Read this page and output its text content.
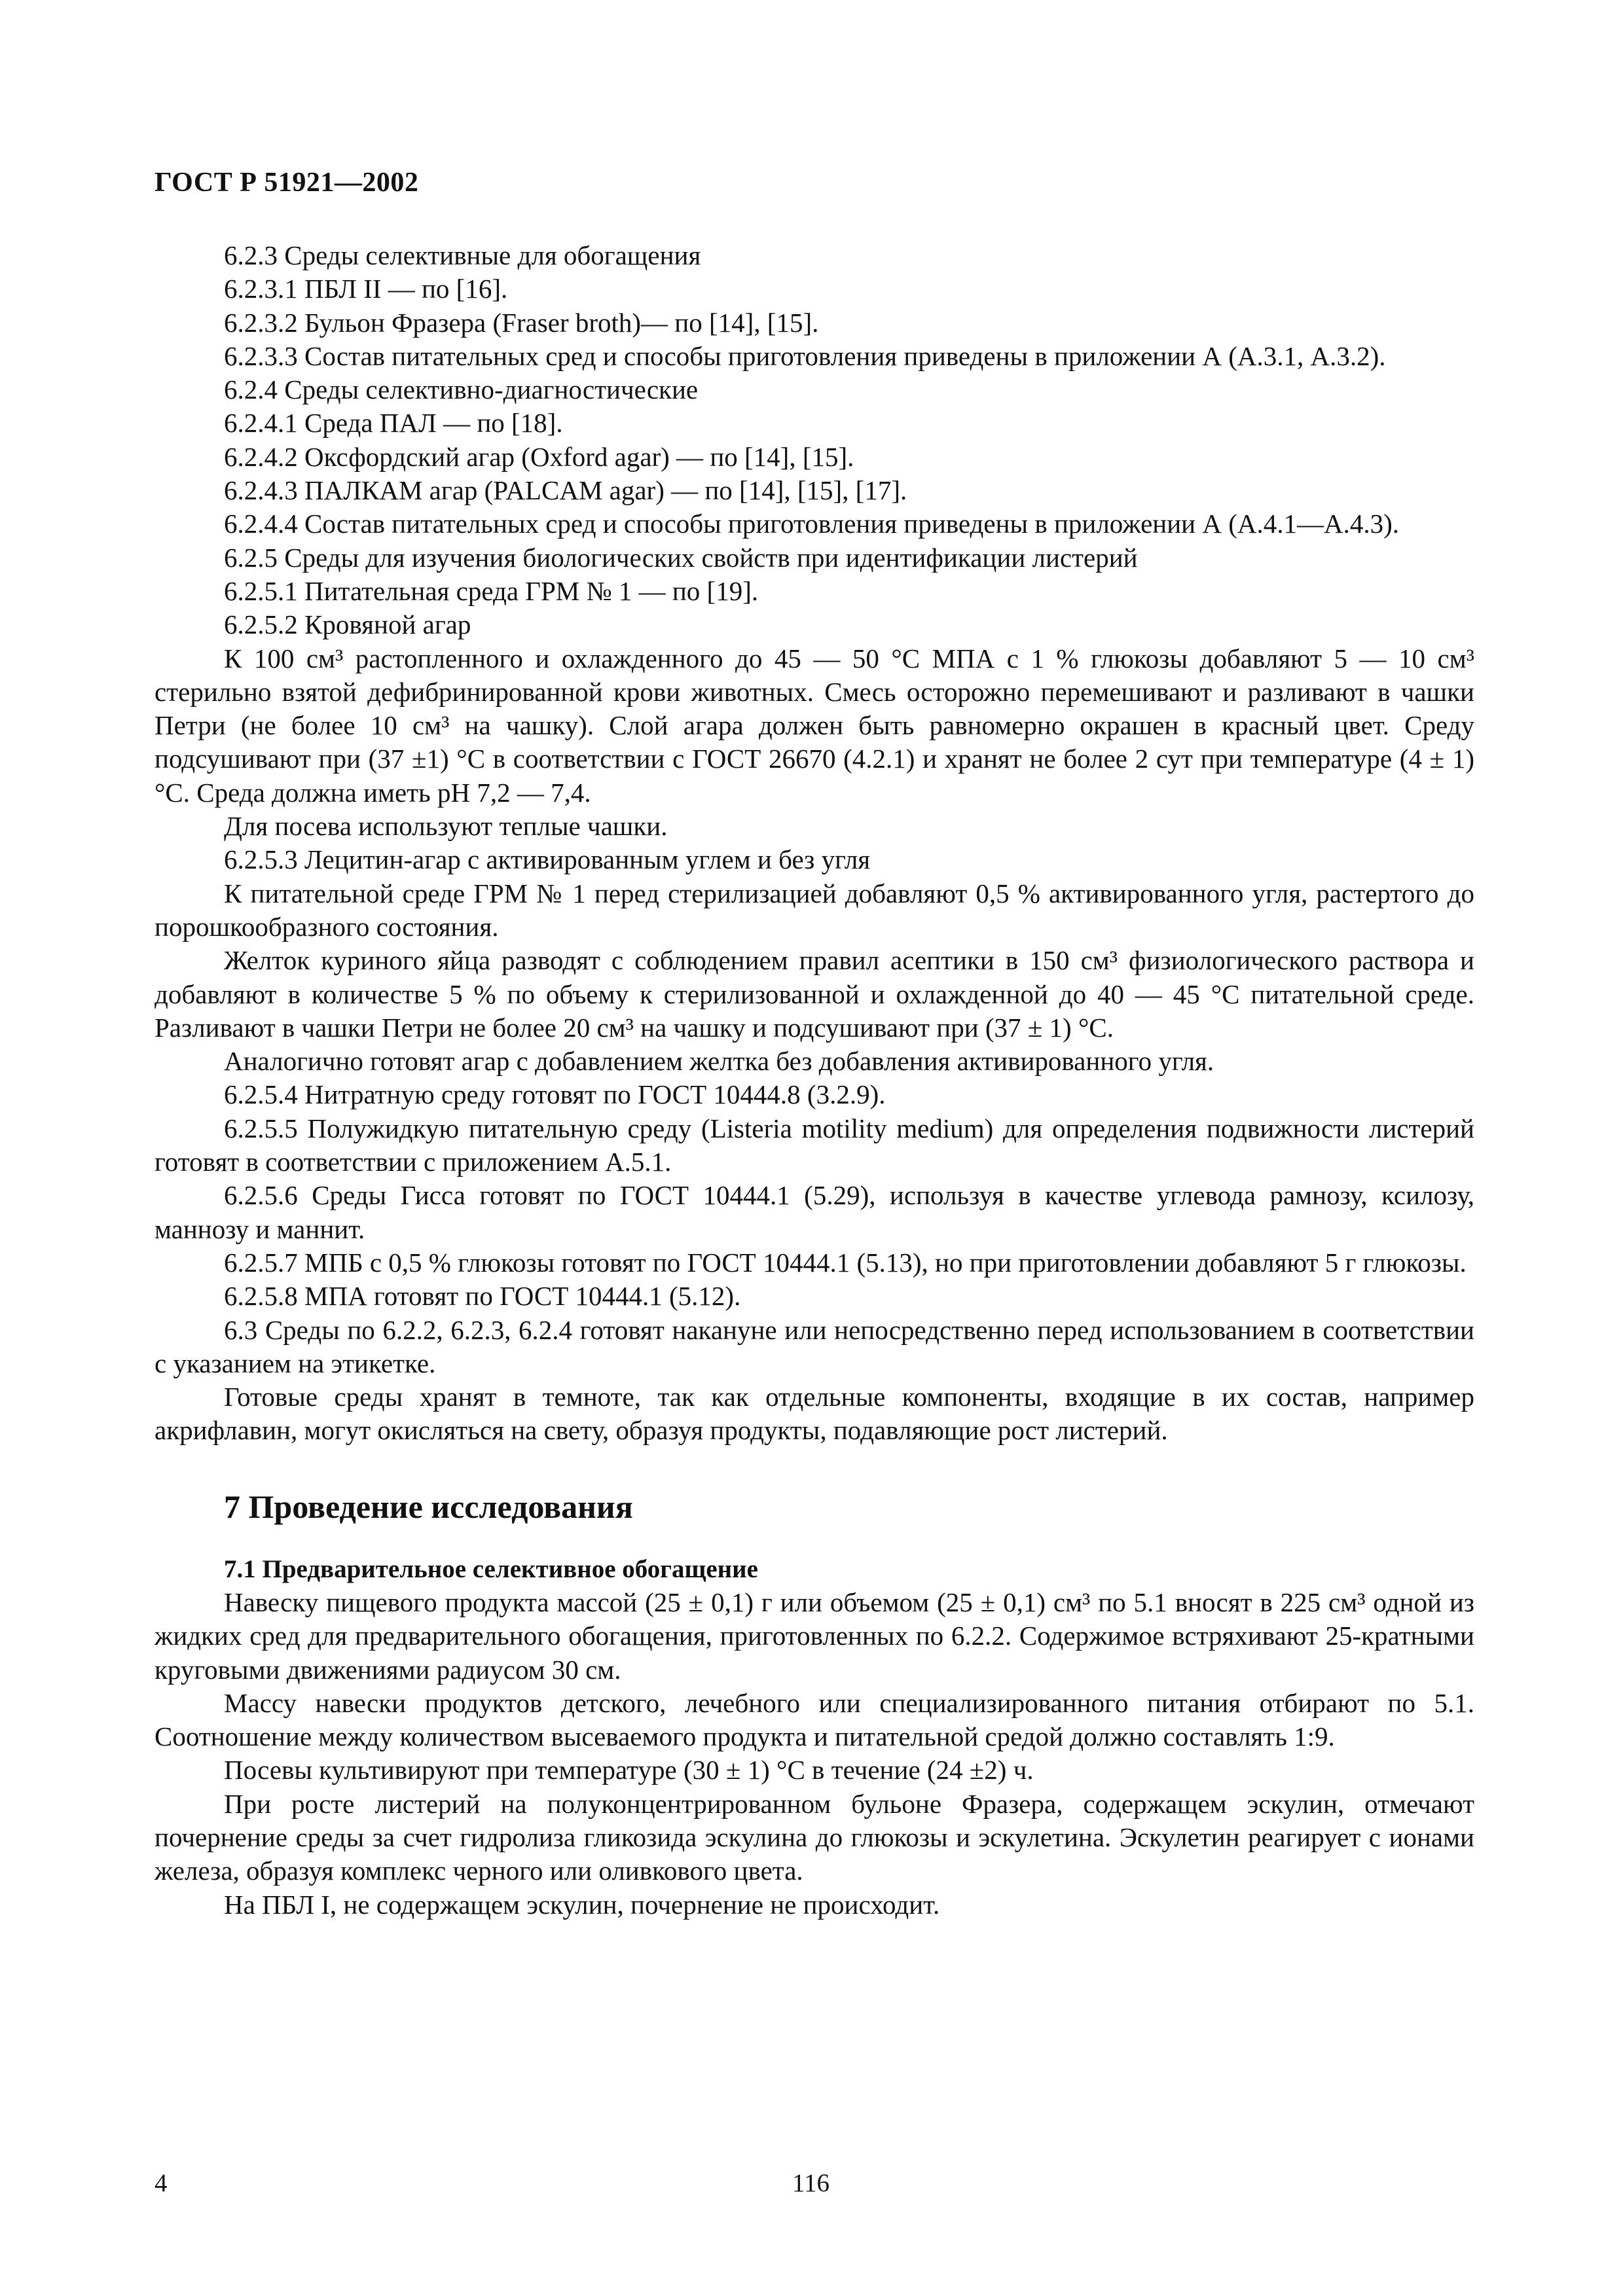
ГОСТ Р 51921—2002

6.2.3 Среды селективные для обогащения

6.2.3.1 ПБЛ II — по [16].

6.2.3.2 Бульон Фразера (Fraser broth)— по [14], [15].

6.2.3.3 Состав питательных сред и способы приготовления приведены в приложении А (А.3.1, А.3.2).

6.2.4 Среды селективно-диагностические

6.2.4.1 Среда ПАЛ — по [18].

6.2.4.2 Оксфордский агар (Oxford agar) — по [14], [15].

6.2.4.3 ПАЛКАМ агар (PALCAM agar) — по [14], [15], [17].

6.2.4.4 Состав питательных сред и способы приготовления приведены в приложении А (А.4.1—А.4.3).

6.2.5 Среды для изучения биологических свойств при идентификации листерий

6.2.5.1 Питательная среда ГРМ № 1 — по [19].

6.2.5.2 Кровяной агар

К 100 см³ растопленного и охлажденного до 45 — 50 °С МПА с 1 % глюкозы добавляют 5 — 10 см³ стерильно взятой дефибринированной крови животных. Смесь осторожно перемешивают и разливают в чашки Петри (не более 10 см³ на чашку). Слой агара должен быть равномерно окрашен в красный цвет. Среду подсушивают при (37 ±1) °С в соответствии с ГОСТ 26670 (4.2.1) и хранят не более 2 сут при температуре (4 ± 1) °С. Среда должна иметь рН 7,2 — 7,4.

Для посева используют теплые чашки.

6.2.5.3 Лецитин-агар с активированным углем и без угля

К питательной среде ГРМ № 1 перед стерилизацией добавляют 0,5 % активированного угля, растертого до порошкообразного состояния.

Желток куриного яйца разводят с соблюдением правил асептики в 150 см³ физиологического раствора и добавляют в количестве 5 % по объему к стерилизованной и охлажденной до 40 — 45 °С питательной среде. Разливают в чашки Петри не более 20 см³ на чашку и подсушивают при (37 ± 1) °С.

Аналогично готовят агар с добавлением желтка без добавления активированного угля.

6.2.5.4 Нитратную среду готовят по ГОСТ 10444.8 (3.2.9).

6.2.5.5 Полужидкую питательную среду (Listeria motility medium) для определения подвижности листерий готовят в соответствии с приложением А.5.1.

6.2.5.6 Среды Гисса готовят по ГОСТ 10444.1 (5.29), используя в качестве углевода рамнозу, ксилозу, маннозу и маннит.

6.2.5.7 МПБ с 0,5 % глюкозы готовят по ГОСТ 10444.1 (5.13), но при приготовлении добавляют 5 г глюкозы.

6.2.5.8 МПА готовят по ГОСТ 10444.1 (5.12).

6.3 Среды по 6.2.2, 6.2.3, 6.2.4 готовят накануне или непосредственно перед использованием в соответствии с указанием на этикетке.

Готовые среды хранят в темноте, так как отдельные компоненты, входящие в их состав, например акрифлавин, могут окисляться на свету, образуя продукты, подавляющие рост листерий.

7 Проведение исследования
7.1 Предварительное селективное обогащение

Навеску пищевого продукта массой (25 ± 0,1) г или объемом (25 ± 0,1) см³ по 5.1 вносят в 225 см³ одной из жидких сред для предварительного обогащения, приготовленных по 6.2.2. Содержимое встряхивают 25-кратными круговыми движениями радиусом 30 см.

Массу навески продуктов детского, лечебного или специализированного питания отбирают по 5.1. Соотношение между количеством высеваемого продукта и питательной средой должно составлять 1:9.

Посевы культивируют при температуре (30 ± 1) °С в течение (24 ±2) ч.

При росте листерий на полуконцентрированном бульоне Фразера, содержащем эскулин, отмечают почернение среды за счет гидролиза гликозида эскулина до глюкозы и эскулетина. Эскулетин реагирует с ионами железа, образуя комплекс черного или оливкового цвета.

На ПБЛ I, не содержащем эскулин, почернение не происходит.

4	116
